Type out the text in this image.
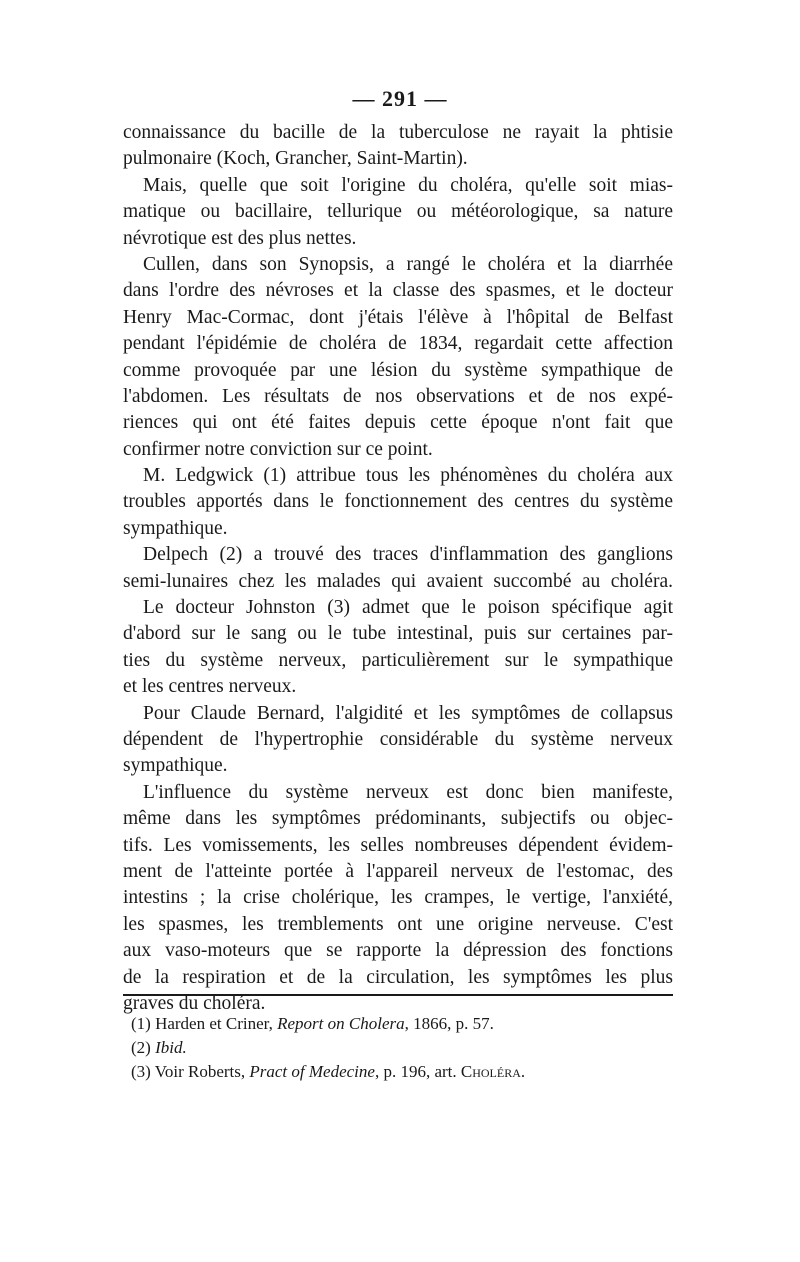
— 291 —
connaissance du bacille de la tuberculose ne rayait la phtisie
pulmonaire (Koch, Grancher, Saint-Martin).
Mais, quelle que soit l'origine du choléra, qu'elle soit mias-
matique ou bacillaire, tellurique ou météorologique, sa nature
névrotique est des plus nettes.
Cullen, dans son Synopsis, a rangé le choléra et la diarrhée
dans l'ordre des névroses et la classe des spasmes, et le docteur
Henry Mac-Cormac, dont j'étais l'élève à l'hôpital de Belfast
pendant l'épidémie de choléra de 1834, regardait cette affection
comme provoquée par une lésion du système sympathique de
l'abdomen. Les résultats de nos observations et de nos expé-
riences qui ont été faites depuis cette époque n'ont fait que
confirmer notre conviction sur ce point.
M. Ledgwick (1) attribue tous les phénomènes du choléra aux
troubles apportés dans le fonctionnement des centres du système
sympathique.
Delpech (2) a trouvé des traces d'inflammation des ganglions
semi-lunaires chez les malades qui avaient succombé au choléra.
Le docteur Johnston (3) admet que le poison spécifique agit
d'abord sur le sang ou le tube intestinal, puis sur certaines par-
ties du système nerveux, particulièrement sur le sympathique
et les centres nerveux.
Pour Claude Bernard, l'algidité et les symptômes de collapsus
dépendent de l'hypertrophie considérable du système nerveux
sympathique.
L'influence du système nerveux est donc bien manifeste,
même dans les symptômes prédominants, subjectifs ou objec-
tifs. Les vomissements, les selles nombreuses dépendent évidem-
ment de l'atteinte portée à l'appareil nerveux de l'estomac, des
intestins ; la crise cholérique, les crampes, le vertige, l'anxiété,
les spasmes, les tremblements ont une origine nerveuse. C'est
aux vaso-moteurs que se rapporte la dépression des fonctions
de la respiration et de la circulation, les symptômes les plus
graves du choléra.
(1) Harden et Criner, Report on Cholera, 1866, p. 57.
(2) Ibid.
(3) Voir Roberts, Pract of Medecine, p. 196, art. Choléra.
